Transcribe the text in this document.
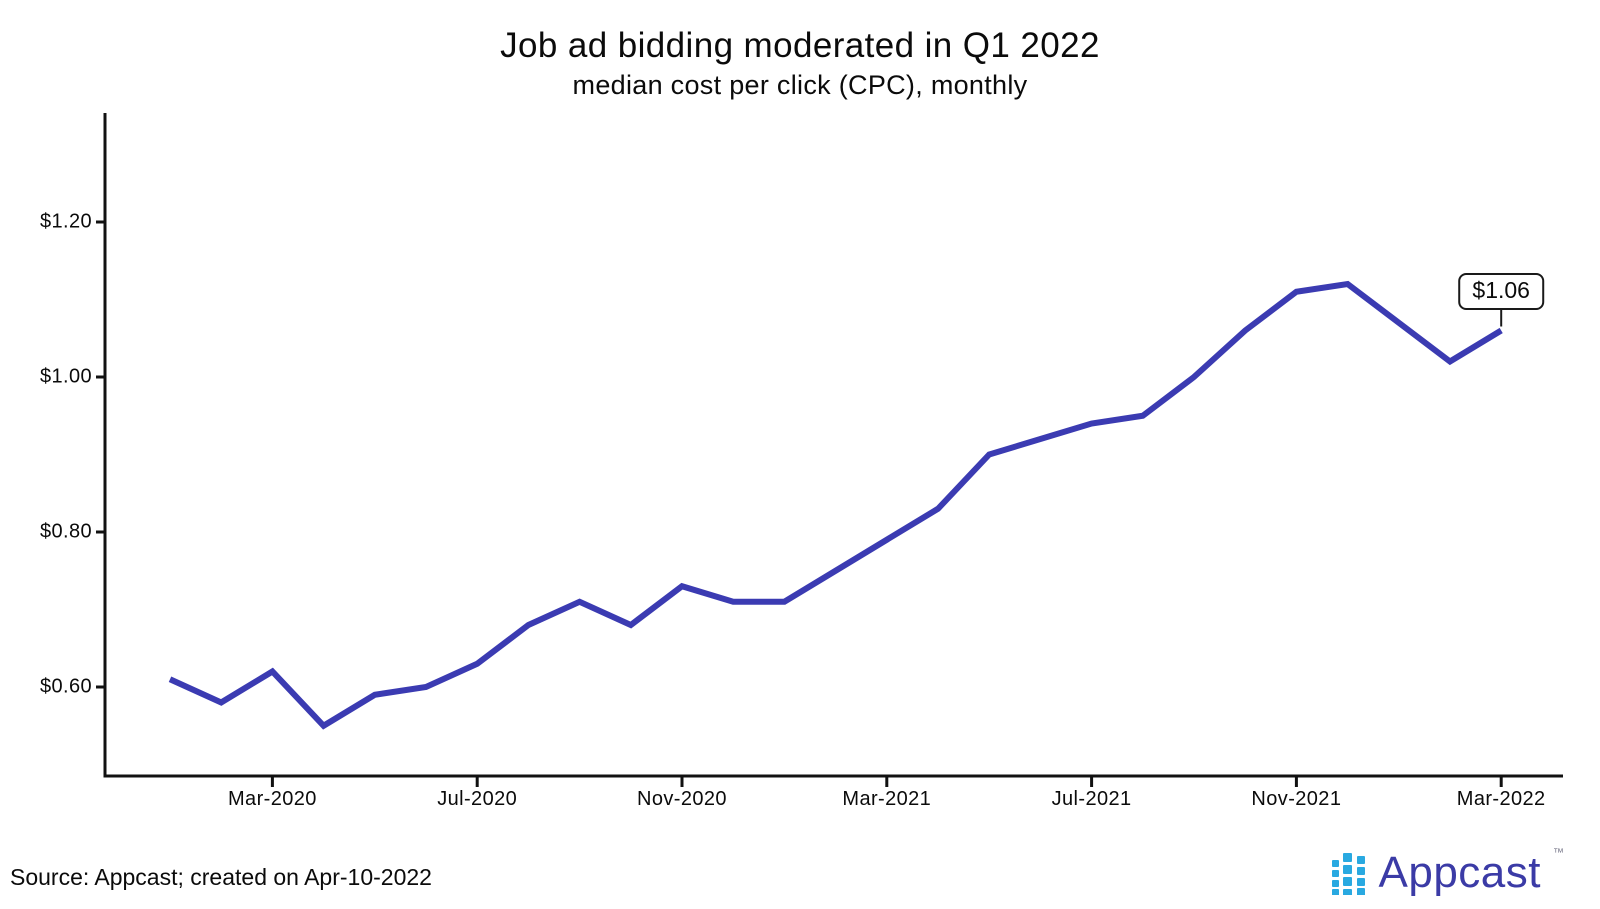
Job ad bidding moderated in Q1 2022
median cost per click (CPC), monthly
$1.20
$1.00
$0.80
$0.60
Mar-2020	Jul-2020	Nov-2020	Mar-2021	Jul-2021	Nov-2021	Mar-2022
$1.06
Source: Appcast; created on Apr-10-2022	Appcast ™
